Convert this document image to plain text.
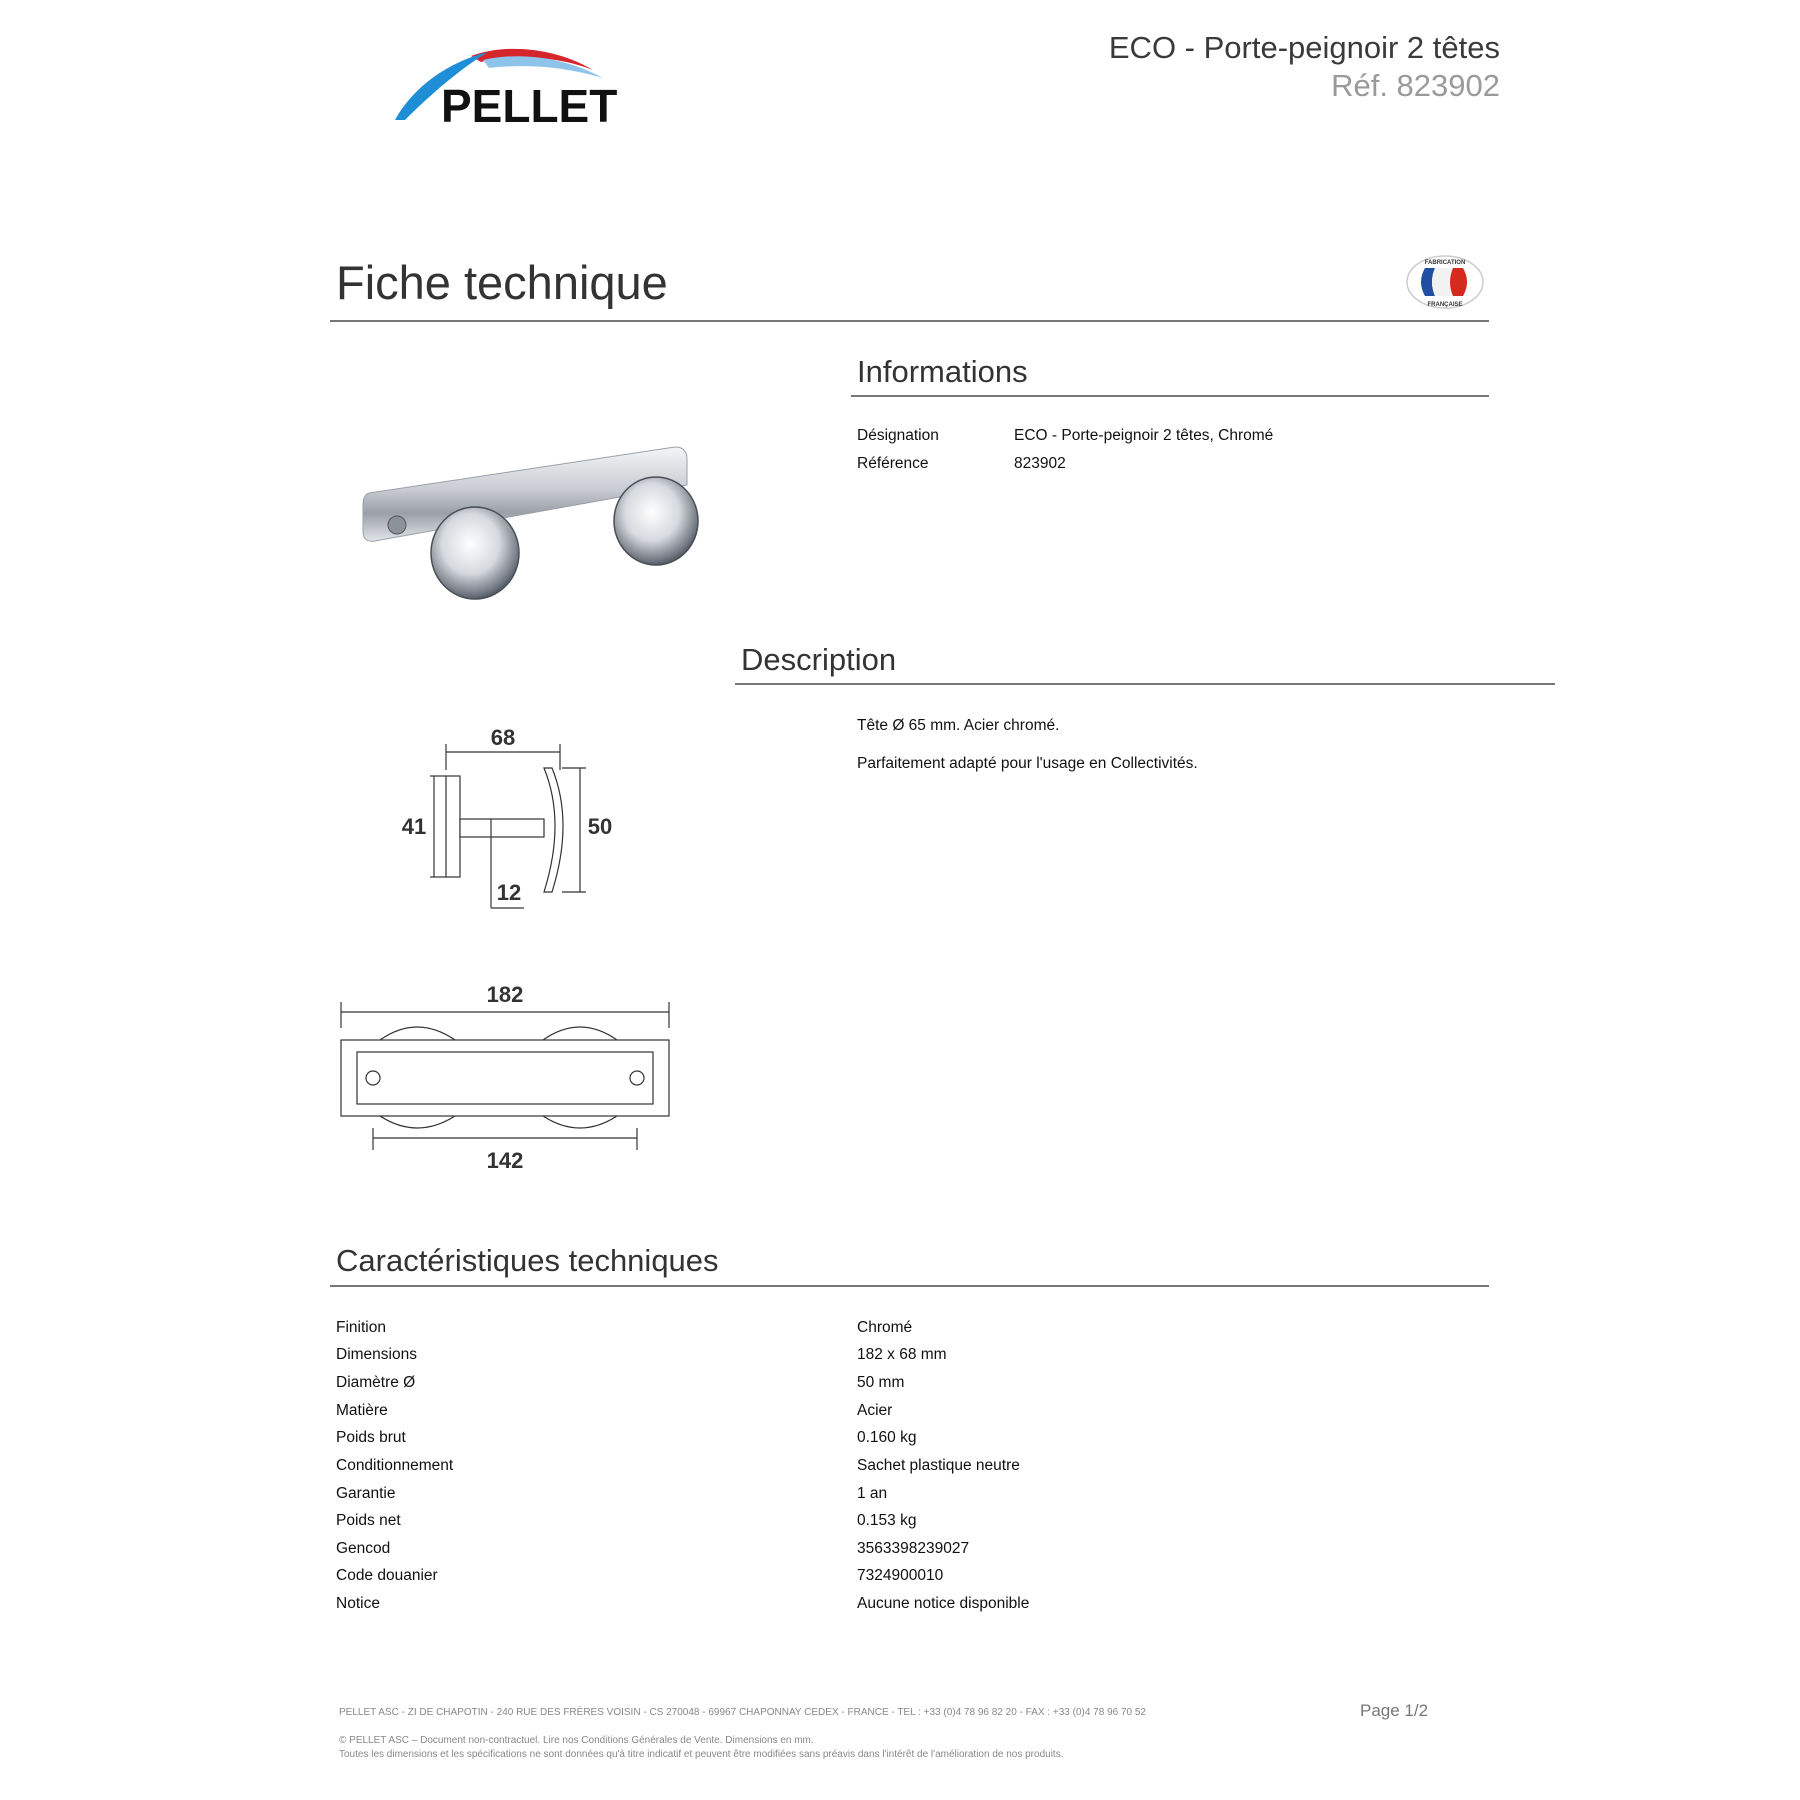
PELLET
ECO - Porte-peignoir 2 têtes
Réf. 823902
Fiche technique	FABRICATION
FRANÇAISE
68
41	50
12
182
142
Informations
Désignation	ECO - Porte-peignoir 2 têtes, Chromé
Référence	823902
Description
Tête Ø 65 mm. Acier chromé.
Parfaitement adapté pour l'usage en Collectivités.
Caractéristiques techniques
Finition	Chromé
Dimensions	182 x 68 mm
Diamètre Ø	50 mm
Matière	Acier
Poids brut	0.160 kg
Conditionnement	Sachet plastique neutre
Garantie	1 an
Poids net	0.153 kg
Gencod	3563398239027
Code douanier	7324900010
Notice	Aucune notice disponible
PELLET ASC - ZI DE CHAPOTIN - 240 RUE DES FRÈRES VOISIN - CS 270048 - 69967 CHAPONNAY CEDEX - FRANCE - TEL : +33 (0)4 78 96 82 20 - FAX : +33 (0)4 78 96 70 52
© PELLET ASC – Document non-contractuel. Lire nos Conditions Générales de Vente. Dimensions en mm.
Toutes les dimensions et les spécifications ne sont données qu'à titre indicatif et peuvent être modifiées sans préavis dans l'intérêt de l'amélioration de nos produits.
Page 1/2
